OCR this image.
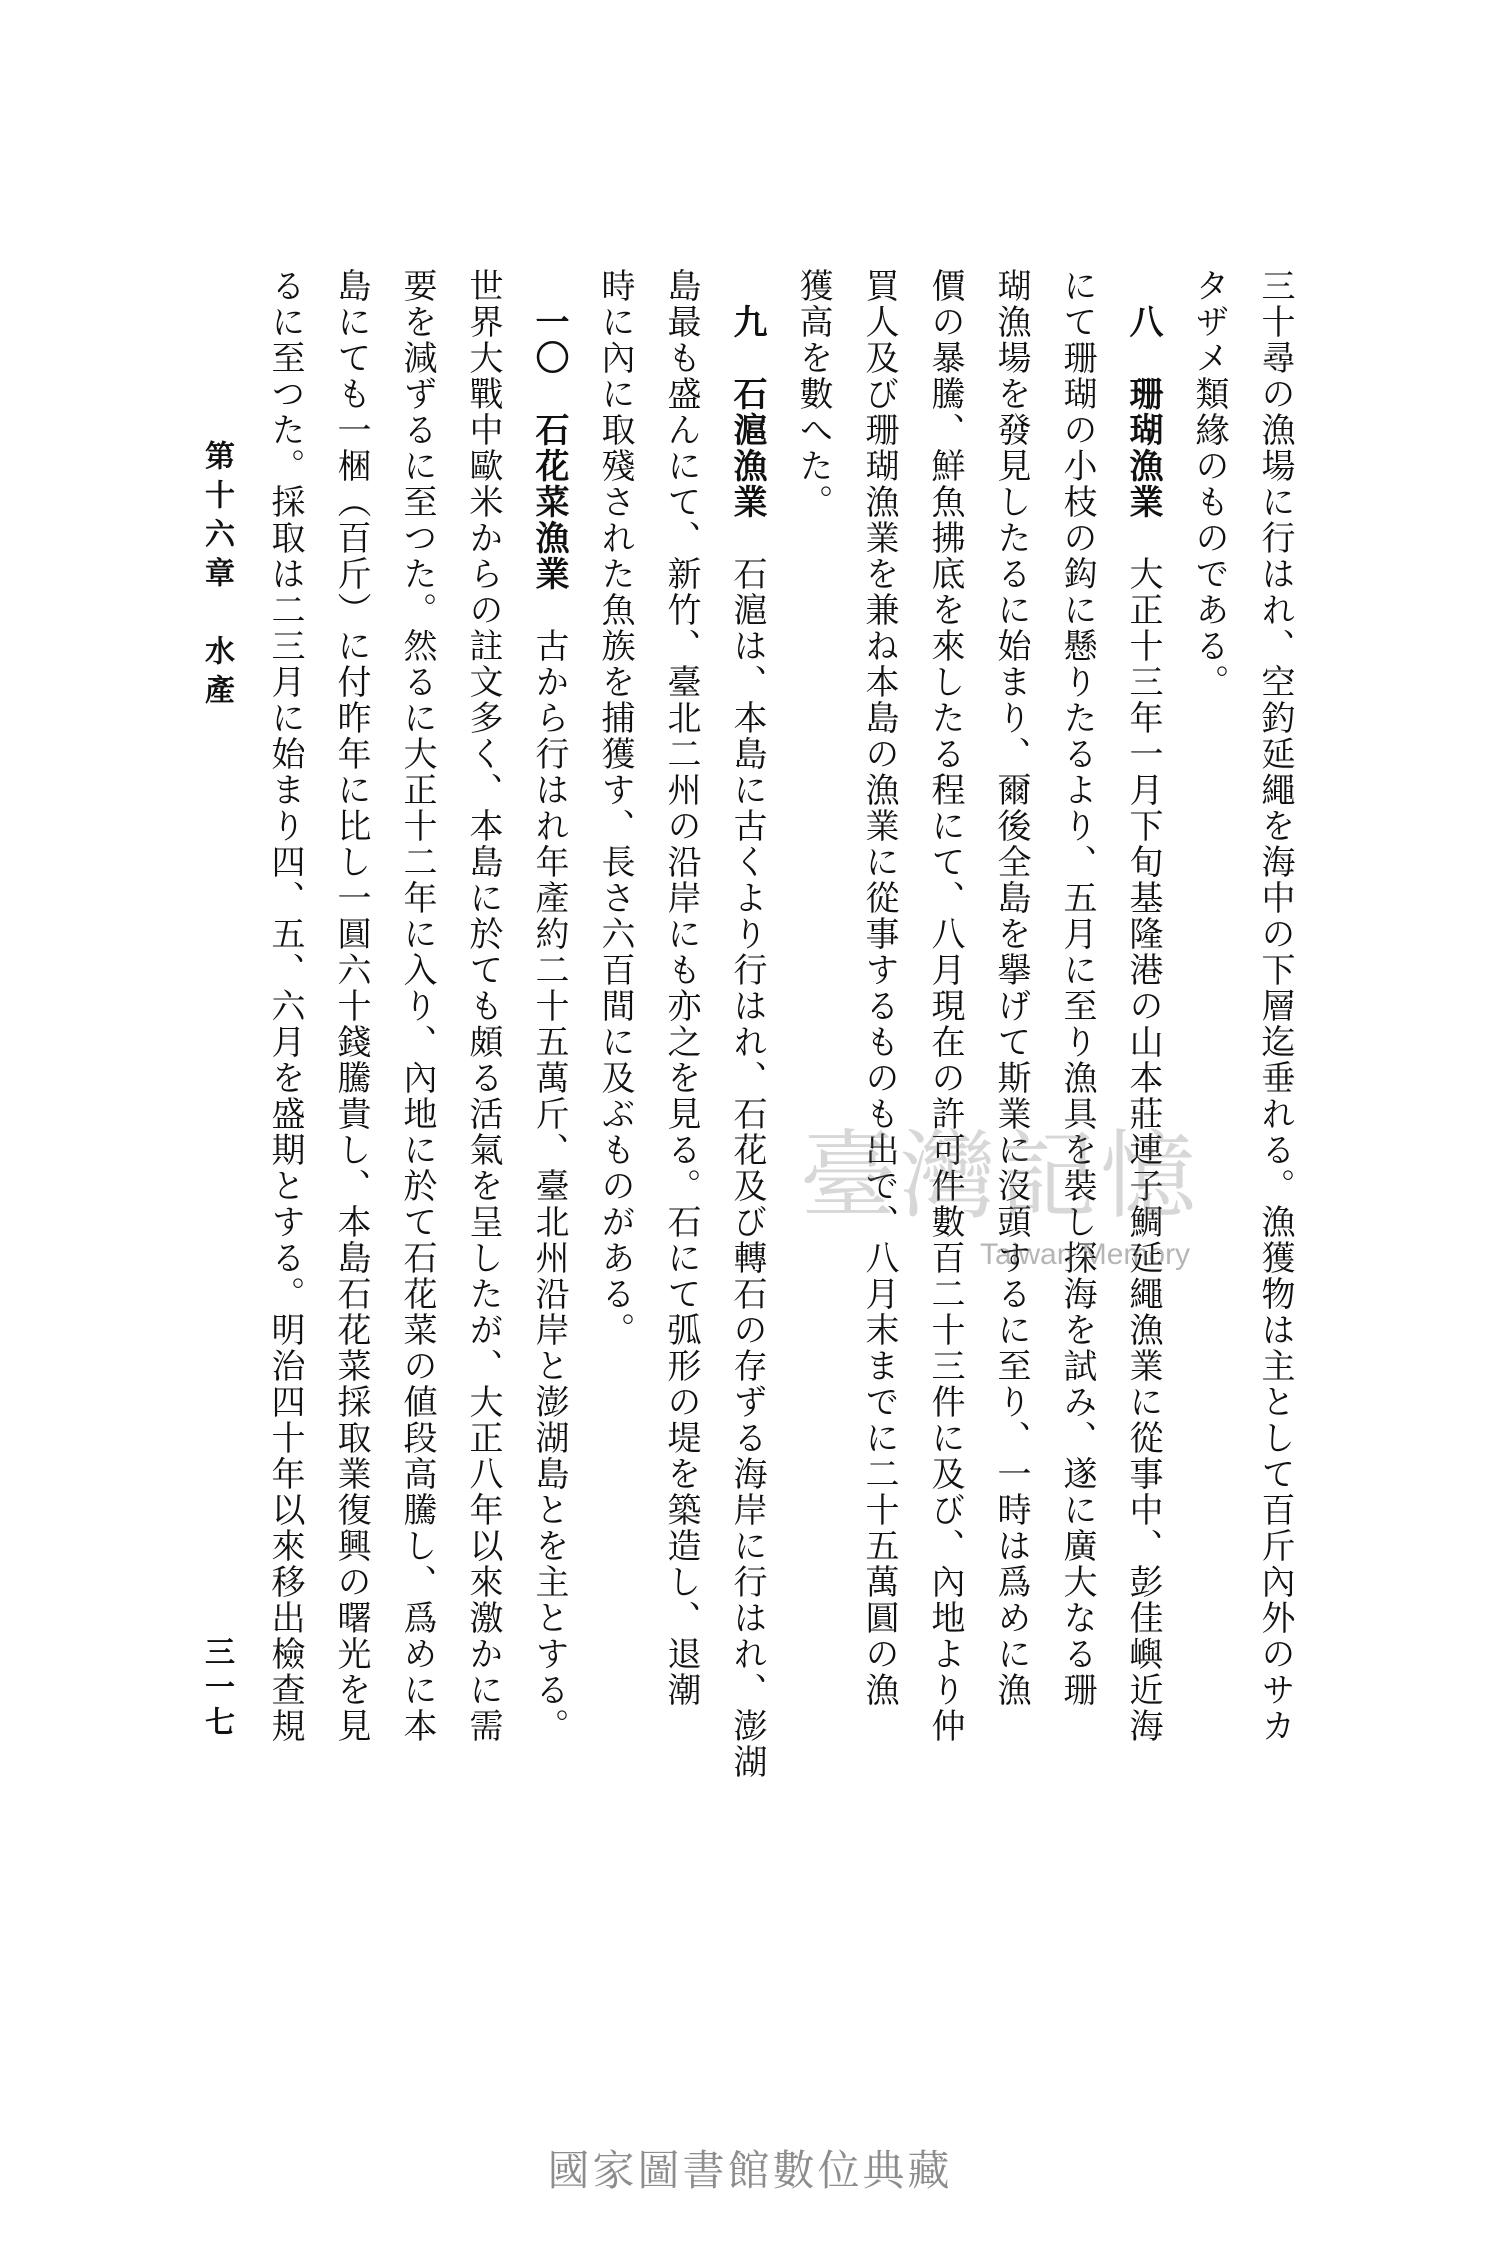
第十六章　水產
三一七	三十尋の漁場に行はれ、空釣延繩を海中の下層迄垂れる。漁獲物は主として百斤內外のサカ
タザメ類緣のものである。
八　珊瑚漁業大正十三年一月下旬基隆港の山本莊連子鯛延繩漁業に從事中、彭佳嶼近海
にて珊瑚の小枝の鈎に懸りたるより、五月に至り漁具を裝し探海を試み、遂に廣大なる珊
瑚漁場を發見したるに始まり、爾後全島を擧げて斯業に沒頭するに至り、一時は爲めに漁
價の暴騰、鮮魚拂底を來したる程にて、八月現在の許可件數百二十三件に及び、內地より仲
買人及び珊瑚漁業を兼ね本島の漁業に從事するものも出で、八月末までに二十五萬圓の漁
獲高を數へた。
九　石滬漁業石滬は、本島に古くより行はれ、石花及び轉石の存ずる海岸に行はれ、澎湖
島最も盛んにて、新竹、臺北二州の沿岸にも亦之を見る。石にて弧形の堤を築造し、退潮
時に內に取殘された魚族を捕獲す、長さ六百間に及ぶものがある。
一〇　石花菜漁業古から行はれ年產約二十五萬斤、臺北州沿岸と澎湖島とを主とする。
世界大戰中歐米からの註文多く、本島に於ても頗る活氣を呈したが、大正八年以來激かに需
要を減ずるに至つた。然るに大正十二年に入り、內地に於て石花菜の値段高騰し、爲めに本
島にても一梱（百斤）に付昨年に比し一圓六十錢騰貴し、本島石花菜採取業復興の曙光を見
るに至つた。採取は二三月に始まり四、五、六月を盛期とする。明治四十年以來移出檢查規	臺灣記憶
Taiwan Memory
國家圖書館數位典藏
